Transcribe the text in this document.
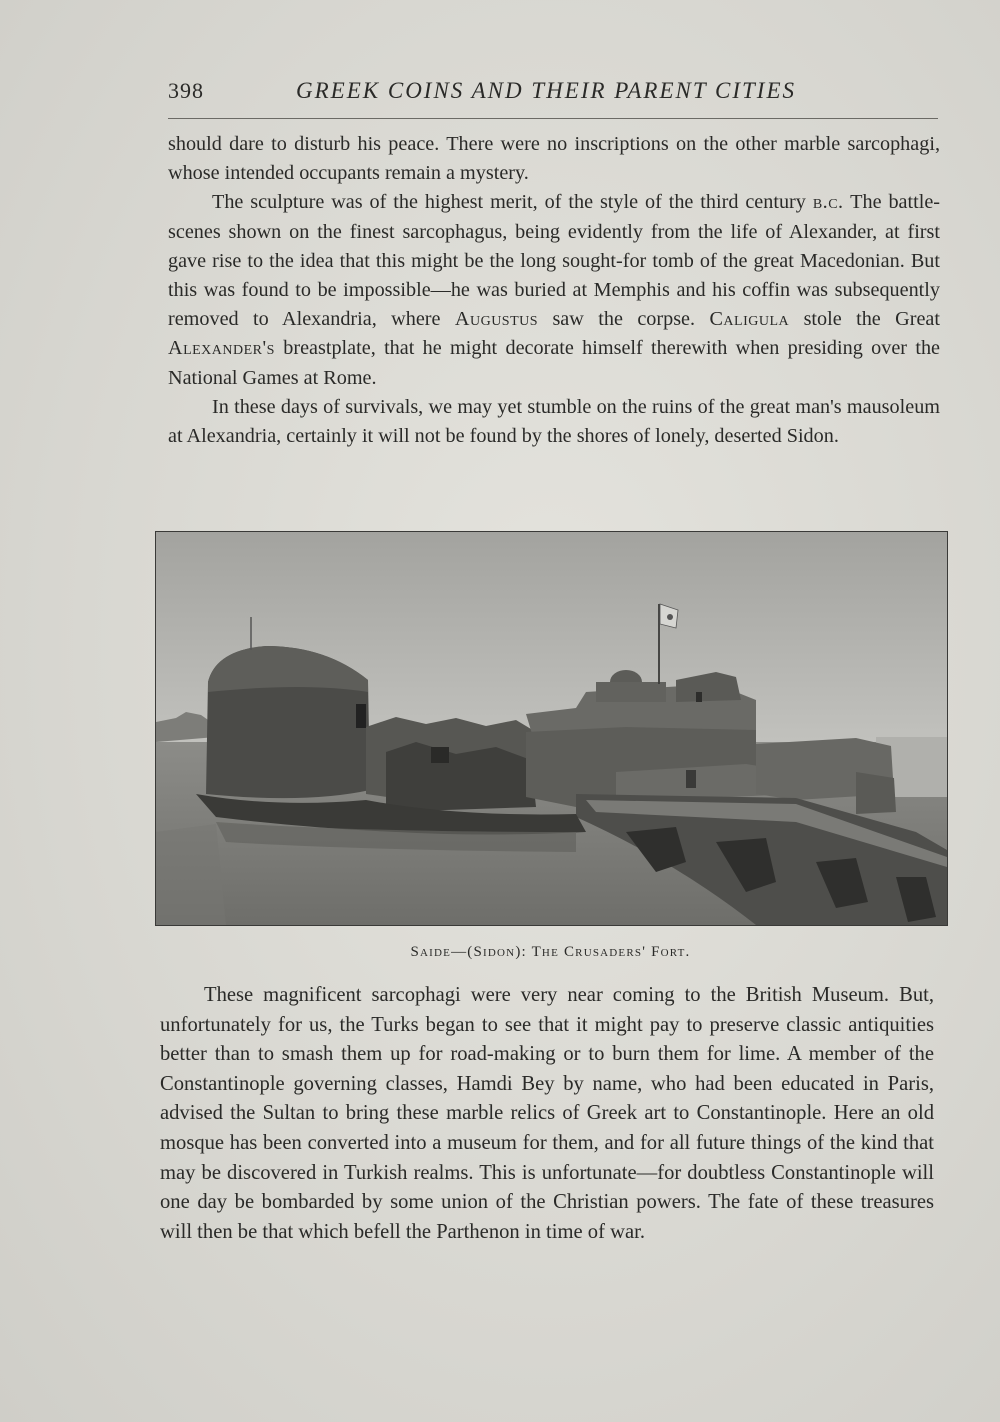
398	GREEK COINS AND THEIR PARENT CITIES

should dare to disturb his peace. There were no inscriptions on the other marble sarcophagi, whose intended occupants remain a mystery.

The sculpture was of the highest merit, of the style of the third century b.c. The battle-scenes shown on the finest sarcophagus, being evidently from the life of Alexander, at first gave rise to the idea that this might be the long sought-for tomb of the great Macedonian. But this was found to be impossible—he was buried at Memphis and his coffin was subsequently removed to Alexandria, where Augustus saw the corpse. Caligula stole the Great Alexander's breastplate, that he might decorate himself therewith when presiding over the National Games at Rome.

In these days of survivals, we may yet stumble on the ruins of the great man's mausoleum at Alexandria, certainly it will not be found by the shores of lonely, deserted Sidon.

Saide—(Sidon): The Crusaders' Fort.

These magnificent sarcophagi were very near coming to the British Museum. But, unfortunately for us, the Turks began to see that it might pay to preserve classic antiquities better than to smash them up for road-making or to burn them for lime. A member of the Constantinople governing classes, Hamdi Bey by name, who had been educated in Paris, advised the Sultan to bring these marble relics of Greek art to Constantinople. Here an old mosque has been converted into a museum for them, and for all future things of the kind that may be discovered in Turkish realms. This is unfortunate—for doubtless Constantinople will one day be bombarded by some union of the Christian powers. The fate of these treasures will then be that which befell the Parthenon in time of war.
